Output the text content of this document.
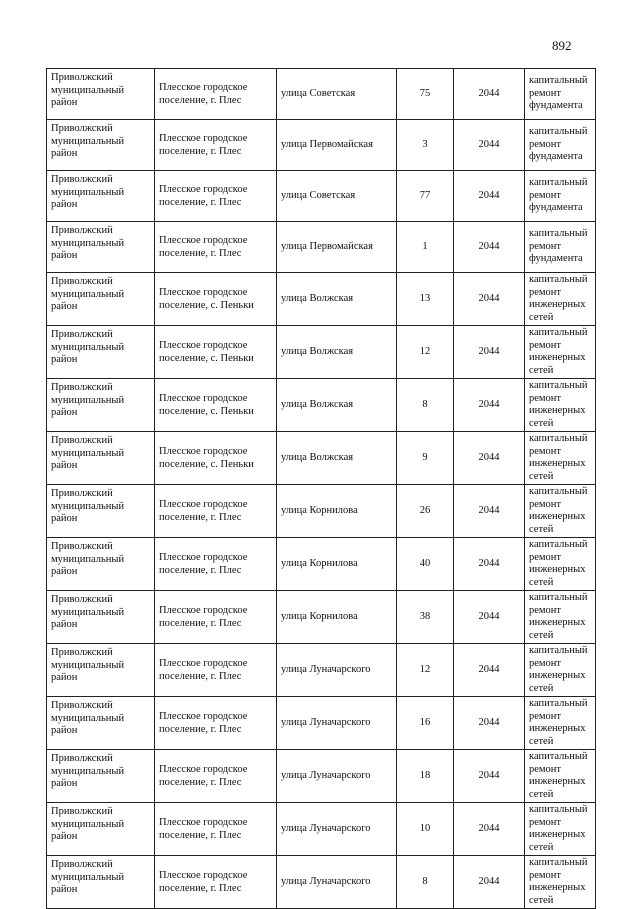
892
Приволжский муниципальный район	Плесское городское поселение, г. Плес	улица Советская	75	2044	капитальный ремонт фундамента
Приволжский муниципальный район	Плесское городское поселение, г. Плес	улица Первомайская	3	2044	капитальный ремонт фундамента
Приволжский муниципальный район	Плесское городское поселение, г. Плес	улица Советская	77	2044	капитальный ремонт фундамента
Приволжский муниципальный район	Плесское городское поселение, г. Плес	улица Первомайская	1	2044	капитальный ремонт фундамента
Приволжский муниципальный район	Плесское городское поселение, с. Пеньки	улица Волжская	13	2044	капитальный ремонт инженерных сетей
Приволжский муниципальный район	Плесское городское поселение, с. Пеньки	улица Волжская	12	2044	капитальный ремонт инженерных сетей
Приволжский муниципальный район	Плесское городское поселение, с. Пеньки	улица Волжская	8	2044	капитальный ремонт инженерных сетей
Приволжский муниципальный район	Плесское городское поселение, с. Пеньки	улица Волжская	9	2044	капитальный ремонт инженерных сетей
Приволжский муниципальный район	Плесское городское поселение, г. Плес	улица Корнилова	26	2044	капитальный ремонт инженерных сетей
Приволжский муниципальный район	Плесское городское поселение, г. Плес	улица Корнилова	40	2044	капитальный ремонт инженерных сетей
Приволжский муниципальный район	Плесское городское поселение, г. Плес	улица Корнилова	38	2044	капитальный ремонт инженерных сетей
Приволжский муниципальный район	Плесское городское поселение, г. Плес	улица Луначарского	12	2044	капитальный ремонт инженерных сетей
Приволжский муниципальный район	Плесское городское поселение, г. Плес	улица Луначарского	16	2044	капитальный ремонт инженерных сетей
Приволжский муниципальный район	Плесское городское поселение, г. Плес	улица Луначарского	18	2044	капитальный ремонт инженерных сетей
Приволжский муниципальный район	Плесское городское поселение, г. Плес	улица Луначарского	10	2044	капитальный ремонт инженерных сетей
Приволжский муниципальный район	Плесское городское поселение, г. Плес	улица Луначарского	8	2044	капитальный ремонт инженерных сетей
